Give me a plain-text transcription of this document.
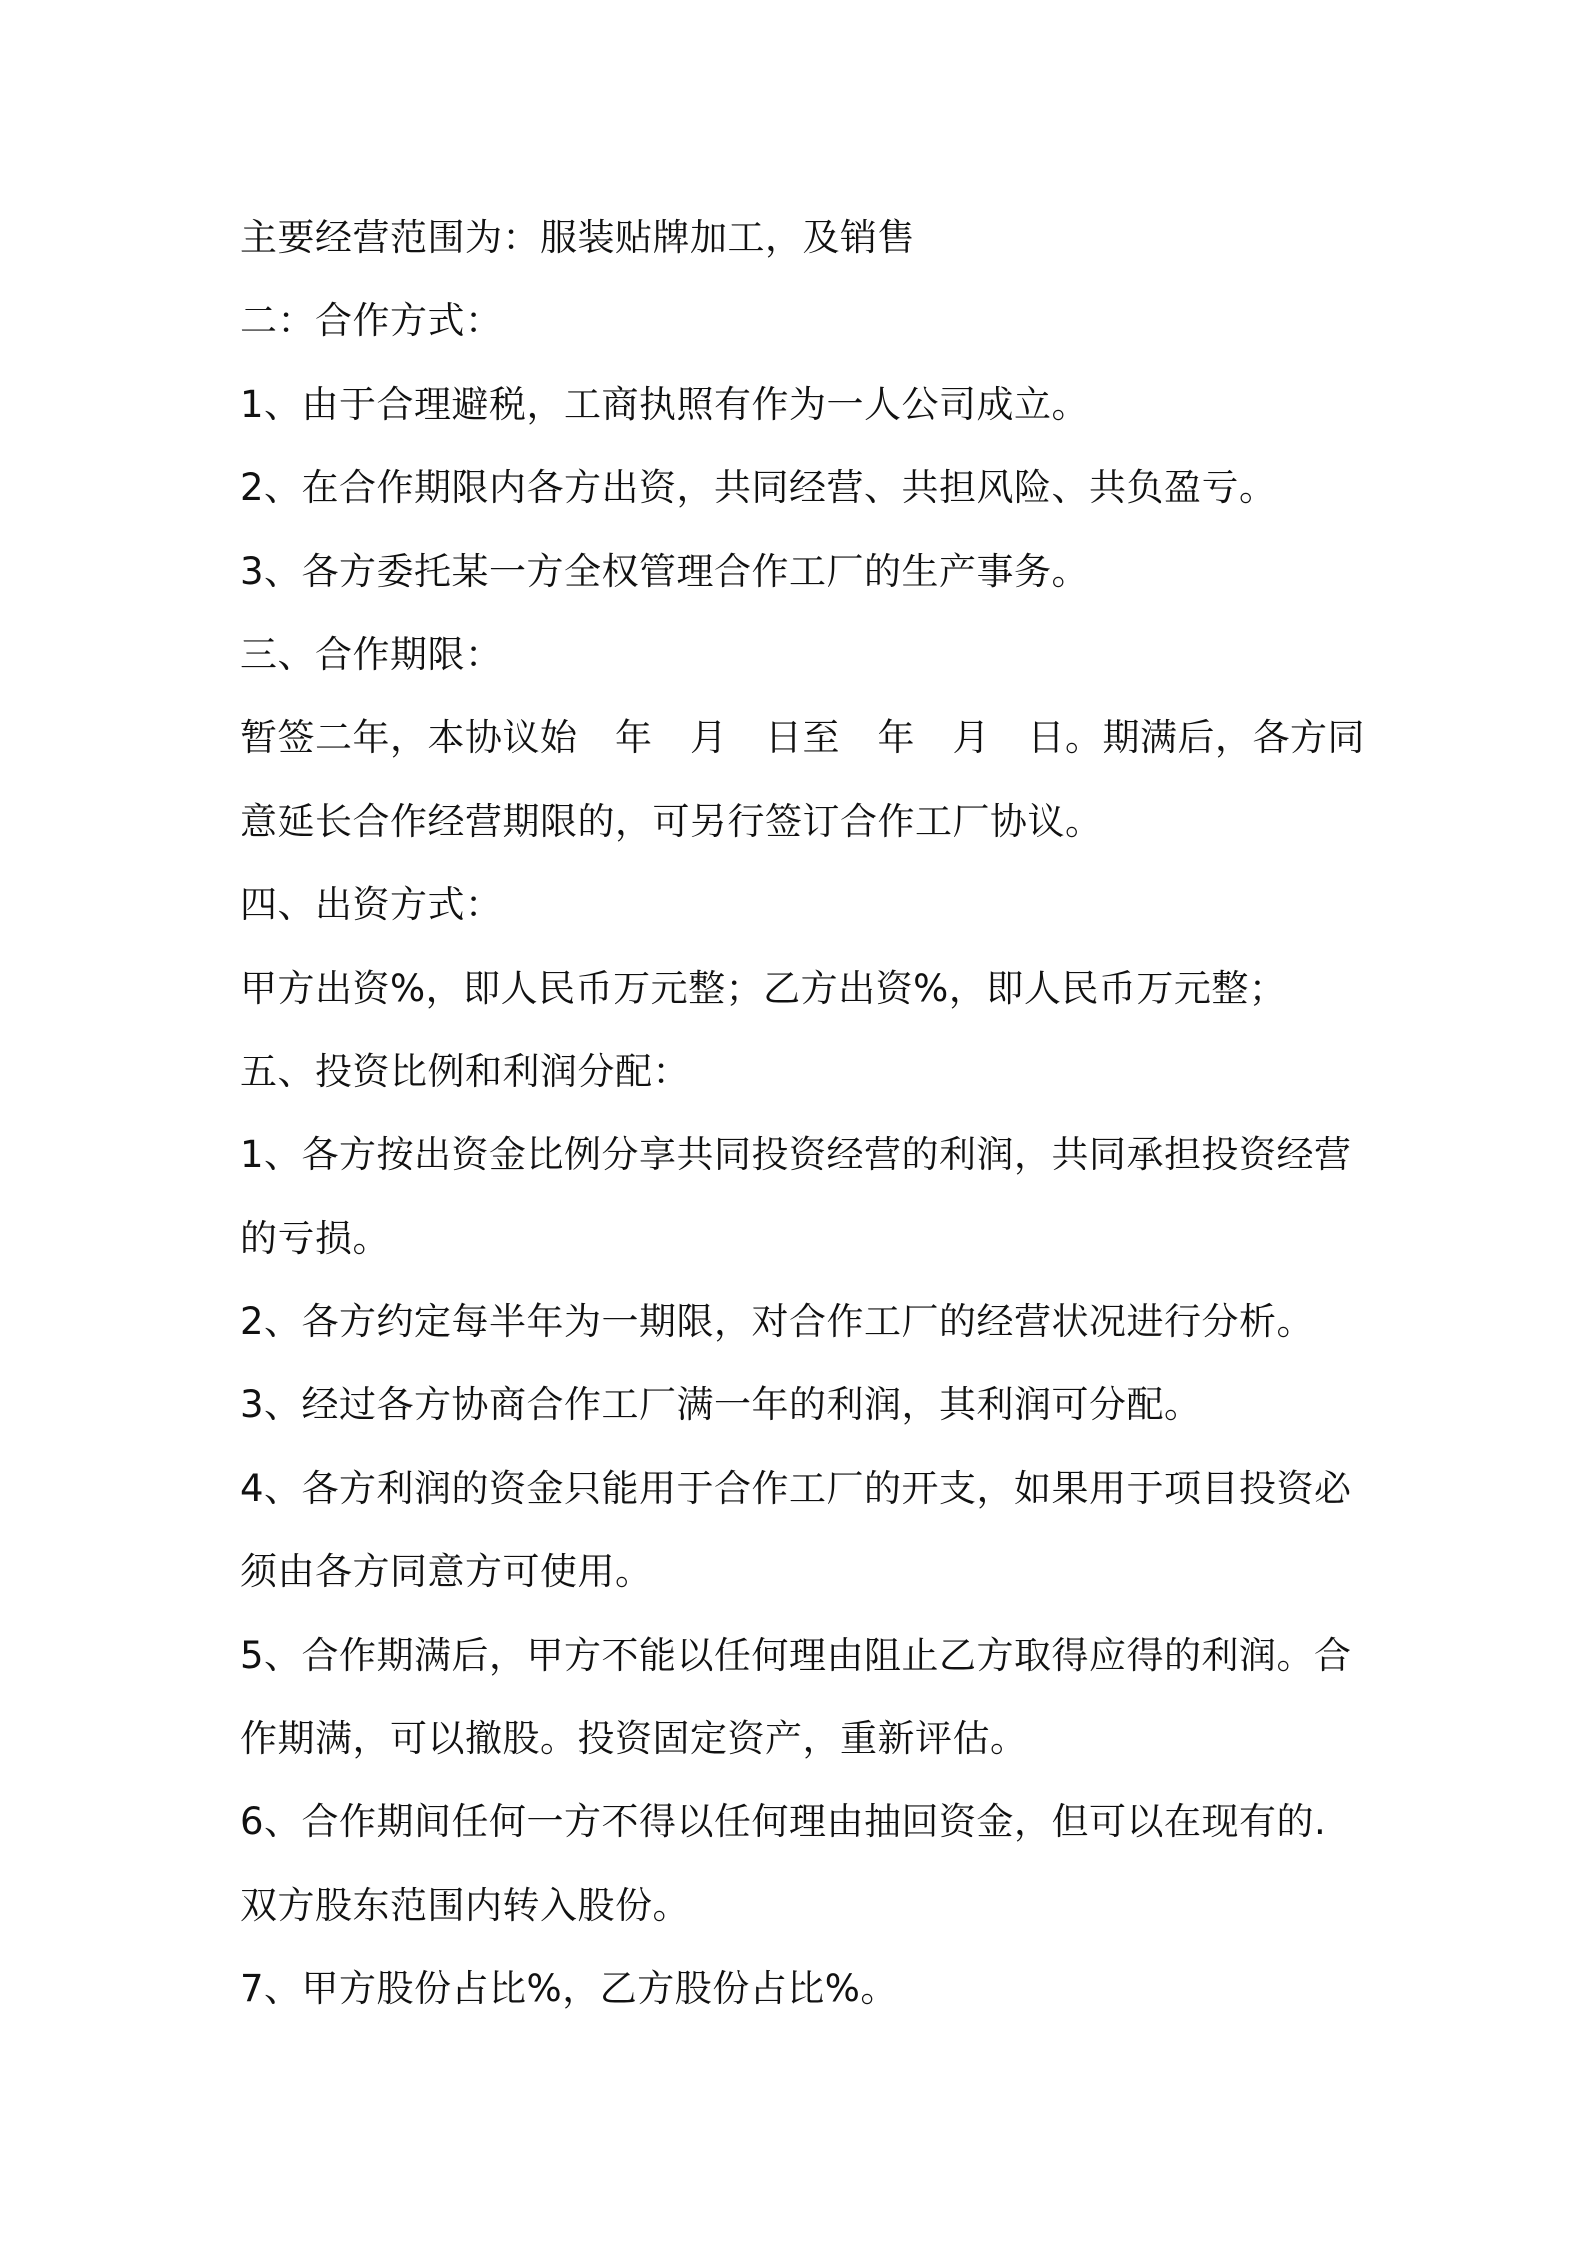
主要经营范围为：服装贴牌加工，及销售

二：合作方式：

1、由于合理避税，工商执照有作为一人公司成立。

2、在合作期限内各方出资，共同经营、共担风险、共负盈亏。

3、各方委托某一方全权管理合作工厂的生产事务。

三、合作期限：

暂签二年，本协议始　年　月　日至　年　月　日。期满后，各方同

意延长合作经营期限的，可另行签订合作工厂协议。

四、出资方式：

甲方出资%，即人民币万元整；乙方出资%，即人民币万元整；

五、投资比例和利润分配：

1、各方按出资金比例分享共同投资经营的利润，共同承担投资经营

的亏损。

2、各方约定每半年为一期限，对合作工厂的经营状况进行分析。

3、经过各方协商合作工厂满一年的利润，其利润可分配。

4、各方利润的资金只能用于合作工厂的开支，如果用于项目投资必

须由各方同意方可使用。

5、合作期满后，甲方不能以任何理由阻止乙方取得应得的利润。合

作期满，可以撤股。投资固定资产，重新评估。

6、合作期间任何一方不得以任何理由抽回资金，但可以在现有的.

双方股东范围内转入股份。

7、甲方股份占比%，乙方股份占比%。
